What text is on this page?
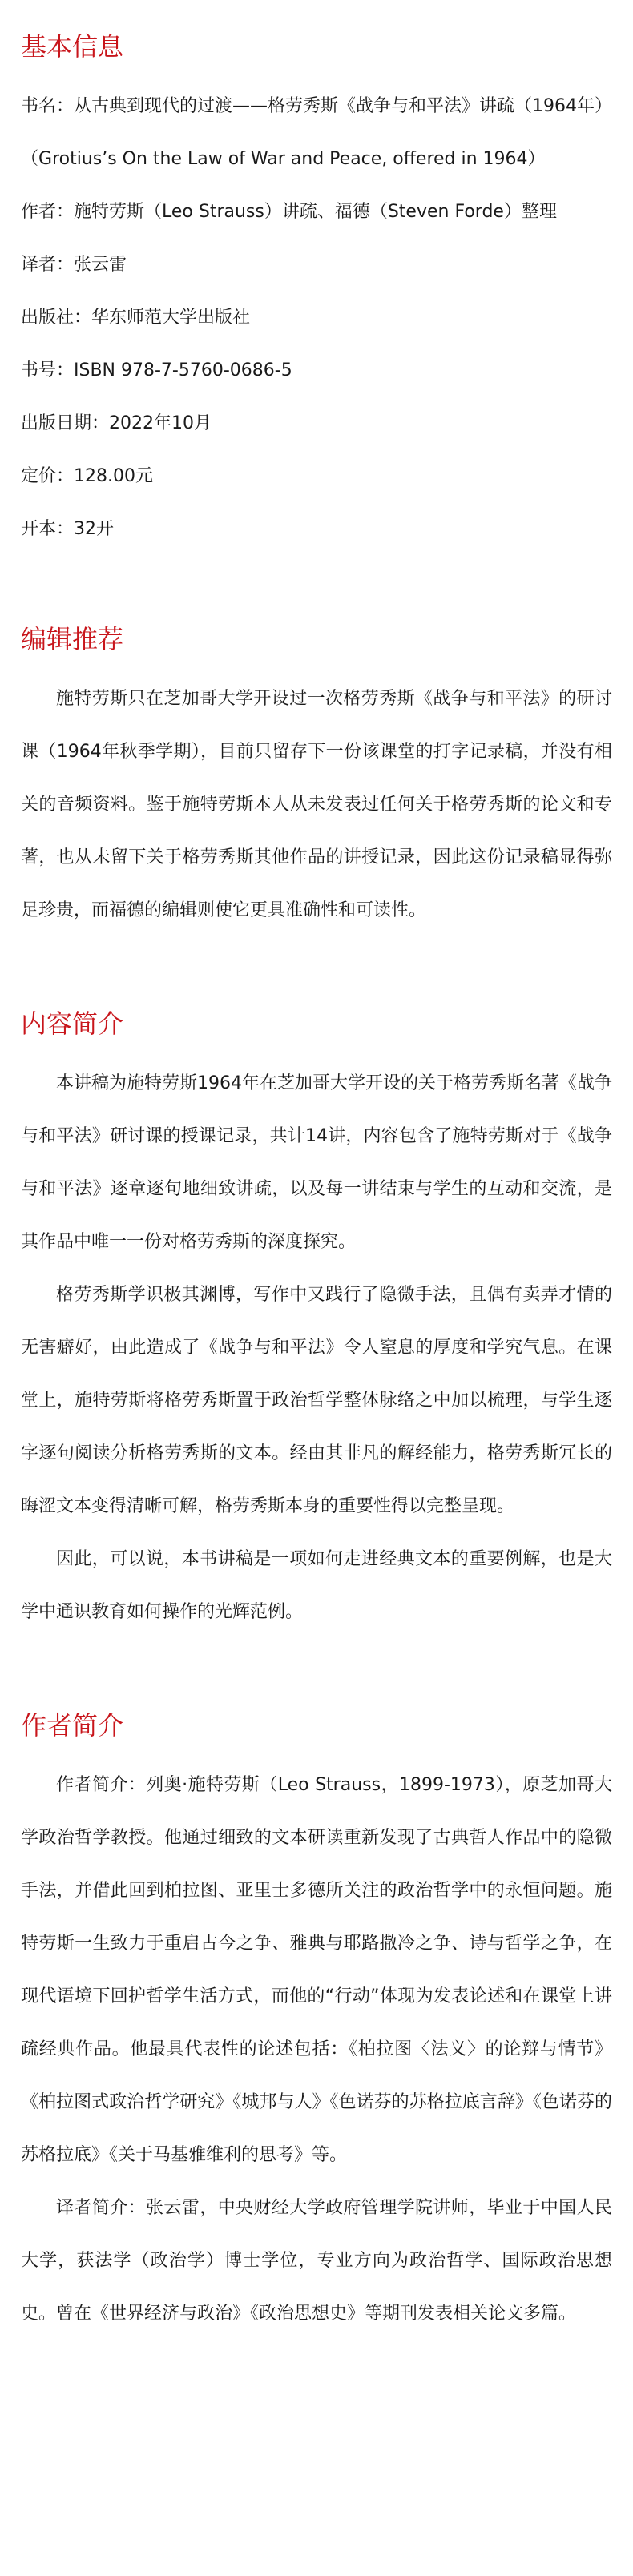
基本信息

书名：从古典到现代的过渡——格劳秀斯《战争与和平法》讲疏（1964年）（Grotius’s On the Law of War and Peace, offered in 1964）

作者：施特劳斯（Leo Strauss）讲疏、福德（Steven Forde）整理

译者：张云雷

出版社：华东师范大学出版社

书号：ISBN 978-7-5760-0686-5

出版日期：2022年10月

定价：128.00元

开本：32开

编辑推荐

施特劳斯只在芝加哥大学开设过一次格劳秀斯《战争与和平法》的研讨课（1964年秋季学期），目前只留存下一份该课堂的打字记录稿，并没有相关的音频资料。鉴于施特劳斯本人从未发表过任何关于格劳秀斯的论文和专著，也从未留下关于格劳秀斯其他作品的讲授记录，因此这份记录稿显得弥足珍贵，而福德的编辑则使它更具准确性和可读性。

内容简介

本讲稿为施特劳斯1964年在芝加哥大学开设的关于格劳秀斯名著《战争与和平法》研讨课的授课记录，共计14讲，内容包含了施特劳斯对于《战争与和平法》逐章逐句地细致讲疏，以及每一讲结束与学生的互动和交流，是其作品中唯一一份对格劳秀斯的深度探究。

格劳秀斯学识极其渊博，写作中又践行了隐微手法，且偶有卖弄才情的无害癖好，由此造成了《战争与和平法》令人窒息的厚度和学究气息。在课堂上，施特劳斯将格劳秀斯置于政治哲学整体脉络之中加以梳理，与学生逐字逐句阅读分析格劳秀斯的文本。经由其非凡的解经能力，格劳秀斯冗长的晦涩文本变得清晰可解，格劳秀斯本身的重要性得以完整呈现。

因此，可以说，本书讲稿是一项如何走进经典文本的重要例解，也是大学中通识教育如何操作的光辉范例。

作者简介

作者简介：列奥·施特劳斯（Leo Strauss，1899-1973），原芝加哥大学政治哲学教授。他通过细致的文本研读重新发现了古典哲人作品中的隐微手法，并借此回到柏拉图、亚里士多德所关注的政治哲学中的永恒问题。施特劳斯一生致力于重启古今之争、雅典与耶路撒冷之争、诗与哲学之争，在现代语境下回护哲学生活方式，而他的“行动”体现为发表论述和在课堂上讲疏经典作品。他最具代表性的论述包括：《柏拉图〈法义〉的论辩与情节》《柏拉图式政治哲学研究》《城邦与人》《色诺芬的苏格拉底言辞》《色诺芬的苏格拉底》《关于马基雅维利的思考》等。

译者简介：张云雷，中央财经大学政府管理学院讲师，毕业于中国人民大学，获法学（政治学）博士学位，专业方向为政治哲学、国际政治思想史。曾在《世界经济与政治》《政治思想史》等期刊发表相关论文多篇。
